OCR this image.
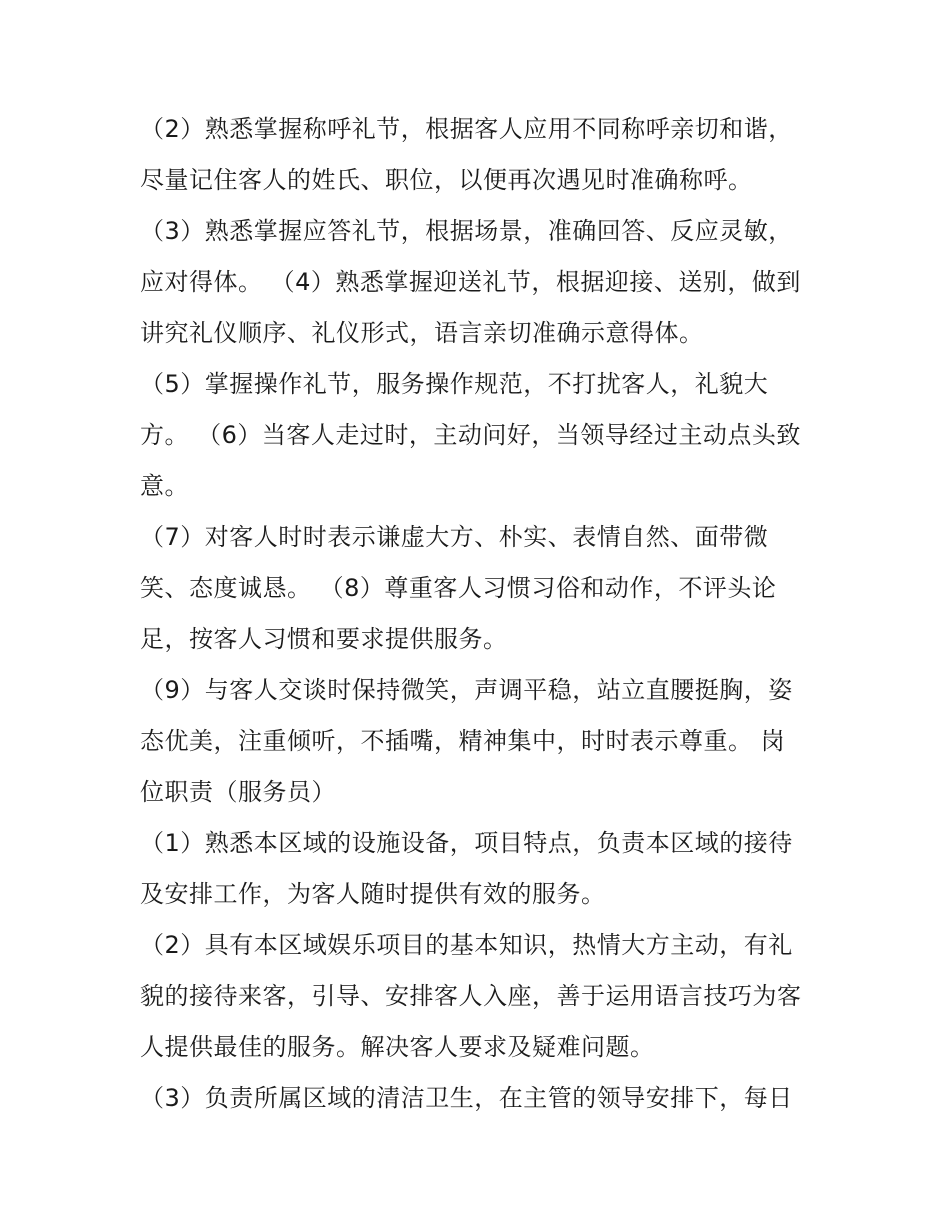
（2）熟悉掌握称呼礼节，根据客人应用不同称呼亲切和谐，
尽量记住客人的姓氏、职位，以便再次遇见时准确称呼。
（3）熟悉掌握应答礼节，根据场景，准确回答、反应灵敏，
应对得体。 （4）熟悉掌握迎送礼节，根据迎接、送别，做到
讲究礼仪顺序、礼仪形式，语言亲切准确示意得体。
（5）掌握操作礼节，服务操作规范，不打扰客人，礼貌大
方。 （6）当客人走过时，主动问好，当领导经过主动点头致
意。
（7）对客人时时表示谦虚大方、朴实、表情自然、面带微
笑、态度诚恳。 （8）尊重客人习惯习俗和动作，不评头论
足，按客人习惯和要求提供服务。
（9）与客人交谈时保持微笑，声调平稳，站立直腰挺胸，姿
态优美，注重倾听，不插嘴，精神集中，时时表示尊重。 岗
位职责（服务员）
（1）熟悉本区域的设施设备，项目特点，负责本区域的接待
及安排工作，为客人随时提供有效的服务。
（2）具有本区域娱乐项目的基本知识，热情大方主动，有礼
貌的接待来客，引导、安排客人入座，善于运用语言技巧为客
人提供最佳的服务。解决客人要求及疑难问题。
（3）负责所属区域的清洁卫生，在主管的领导安排下，每日
